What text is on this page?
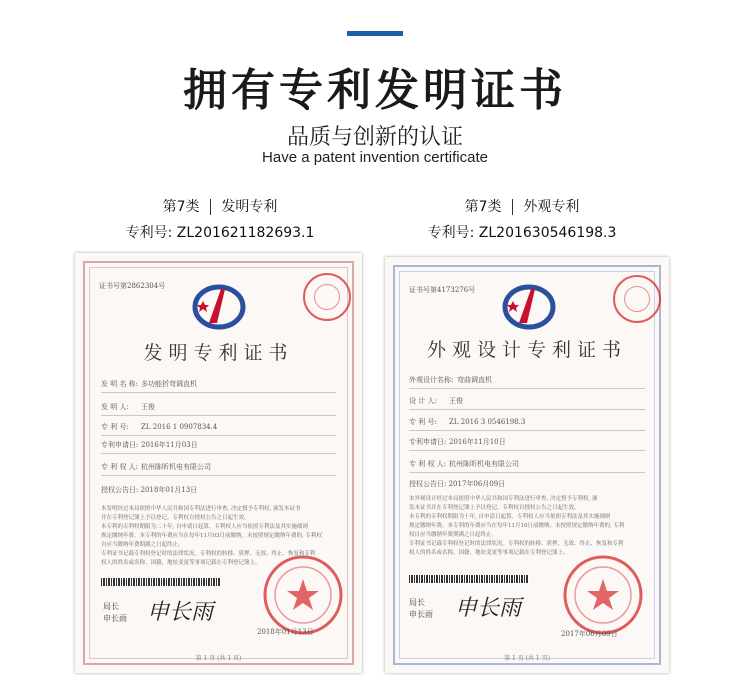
拥有专利发明证书
品质与创新的认证
Have a patent invention certificate
第7类 发明专利
专利号: ZL201621182693.1
第7类 外观专利
专利号: ZL201630546198.3
证书号第2862304号
发明专利证书
发 明 名 称: 多功能折弯调直机
发 明 人: 王俊
专 利 号: ZL 2016 1 0907834.4
专利申请日: 2016年11月03日
专 利 权 人: 杭州陈昕机电有限公司
授权公告日: 2018年01月13日
本发明经过本局依照中华人民共和国专利法进行审查, 决定授予专利权, 颁发本证书
并在专利登记簿上予以登记。专利权自授权公告之日起生效。
本专利的专利权期限为二十年, 自申请日起算。专利权人应当依照专利法及其实施细则
规定缴纳年费。本专利的年费应当在每年11月03日前缴纳。未按照规定缴纳年费的, 专利权
自应当缴纳年费期满之日起终止。
专利证书记载专利权登记时的法律状况。专利权的转移、质押、无效、终止、恢复和专利
权人的姓名或名称、国籍、地址变更等事项记载在专利登记簿上。
局长
申长雨 申长雨
2018年01月13日
第 1 页 (共 1 页)
证书号第4173276号
外观设计专利证书
外观设计名称: 弯曲调直机
设 计 人: 王俊
专 利 号: ZL 2016 3 0546198.3
专利申请日: 2016年11月10日
专 利 权 人: 杭州陈昕机电有限公司
授权公告日: 2017年06月09日
本外观设计经过本局依照中华人民共和国专利法进行审查, 决定授予专利权, 颁
发本证书并在专利登记簿上予以登记。专利权自授权公告之日起生效。
本专利的专利权期限为十年, 自申请日起算。专利权人应当依照专利法及其实施细则
规定缴纳年费。本专利的年费应当在每年11月10日前缴纳。未按照规定缴纳年费的, 专利
权自应当缴纳年费期满之日起终止。
专利证书记载专利权登记时的法律状况。专利权的转移、质押、无效、终止、恢复和专利
权人的姓名或名称、国籍、地址变更等事项记载在专利登记簿上。
局长
申长雨 申长雨
2017年06月09日
第 1 页 (共 1 页)
